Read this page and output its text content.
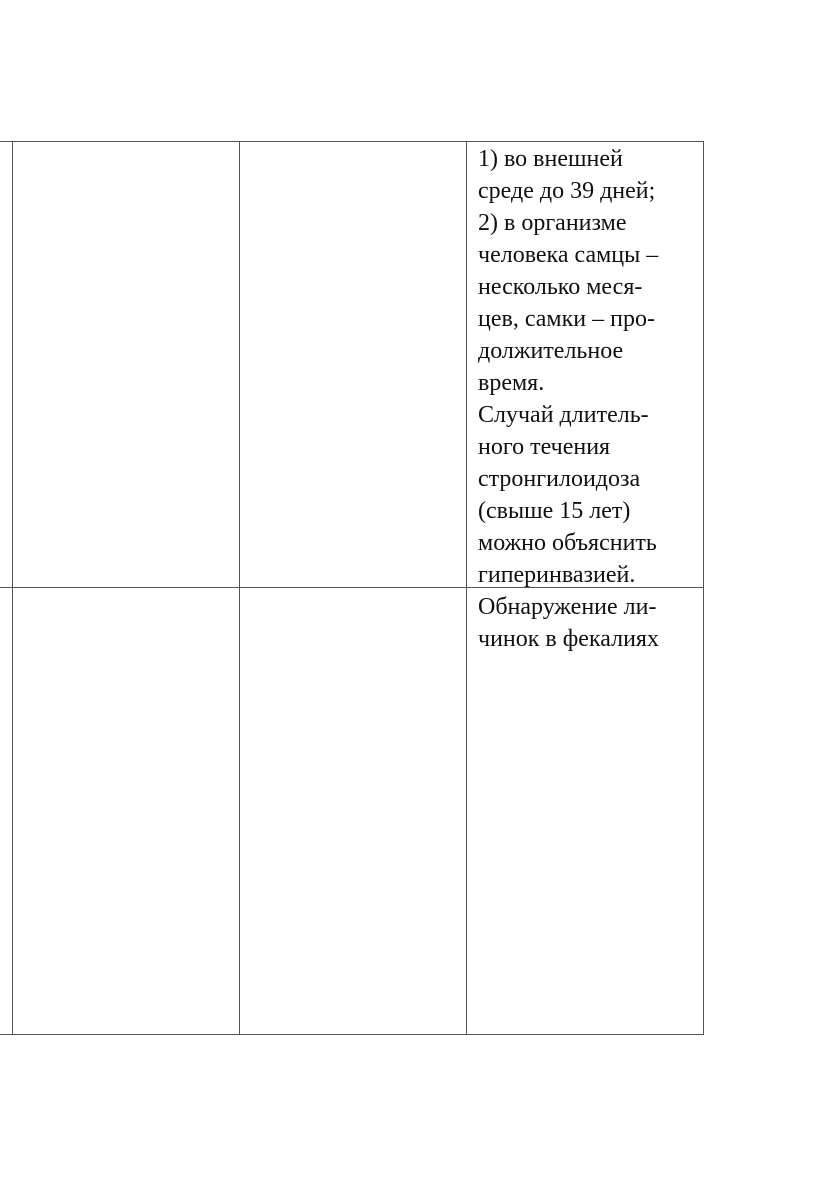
1) во внешней
среде до 39 дней;
2) в организме
человека самцы –
несколько меся-
цев, самки – про-
должительное
время.
Случай длитель-
ного течения
стронгилоидоза
(свыше 15 лет)
можно объяснить
гиперинвазией.
Обнаружение ли-
чинок в фекалиях
